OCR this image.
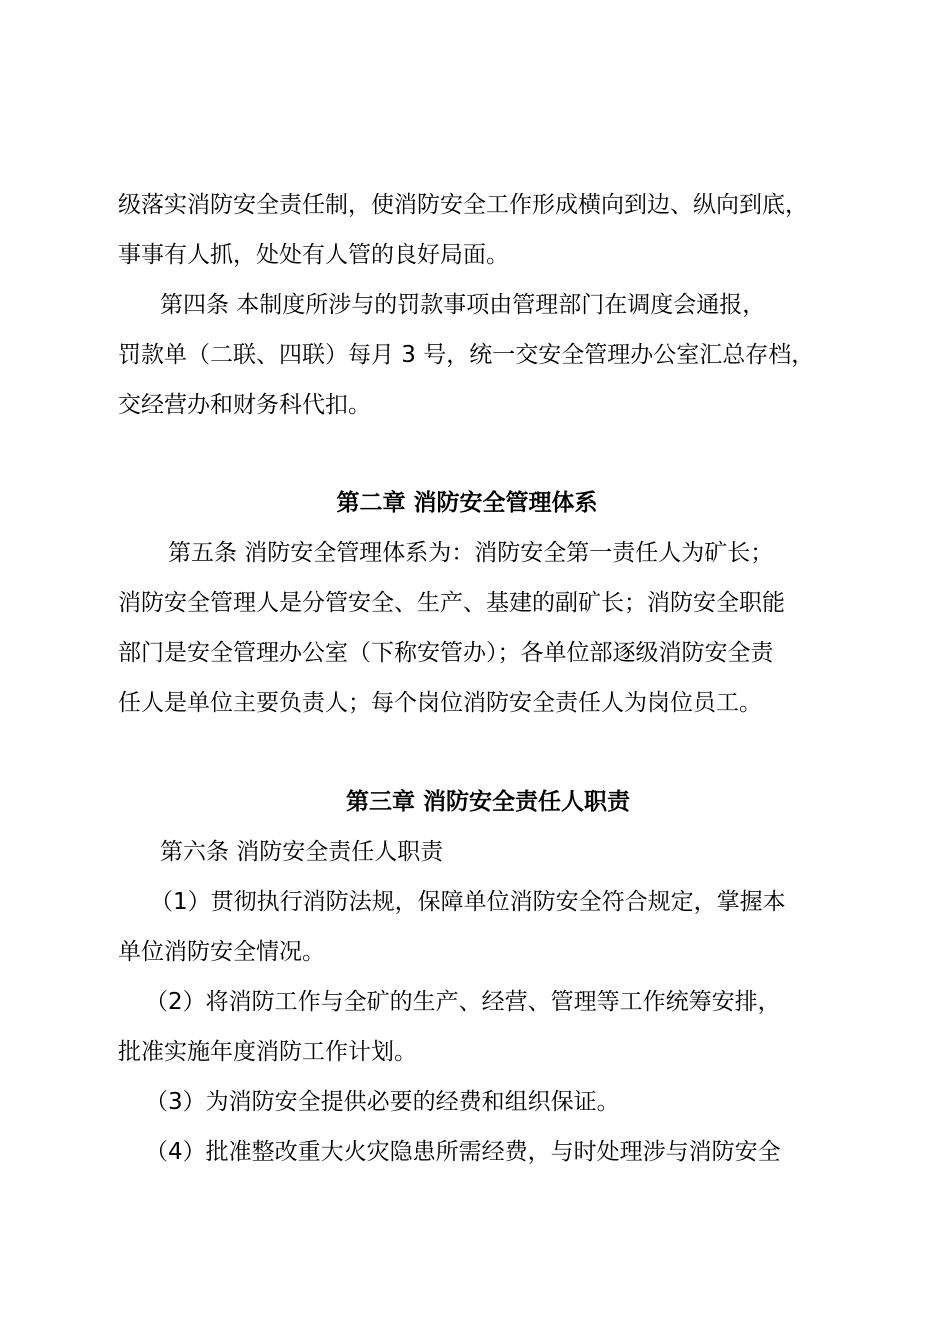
级落实消防安全责任制，使消防安全工作形成横向到边、纵向到底，
事事有人抓，处处有人管的良好局面。
第四条 本制度所涉与的罚款事项由管理部门在调度会通报，
罚款单（二联、四联）每月 3 号，统一交安全管理办公室汇总存档，
交经营办和财务科代扣。
第二章 消防安全管理体系
第五条 消防安全管理体系为：消防安全第一责任人为矿长；
消防安全管理人是分管安全、生产、基建的副矿长；消防安全职能
部门是安全管理办公室（下称安管办）；各单位部逐级消防安全责
任人是单位主要负责人；每个岗位消防安全责任人为岗位员工。
第三章 消防安全责任人职责
第六条 消防安全责任人职责
（1）贯彻执行消防法规，保障单位消防安全符合规定，掌握本
单位消防安全情况。
（2）将消防工作与全矿的生产、经营、管理等工作统筹安排，
批准实施年度消防工作计划。
（3）为消防安全提供必要的经费和组织保证。
（4）批准整改重大火灾隐患所需经费，与时处理涉与消防安全
